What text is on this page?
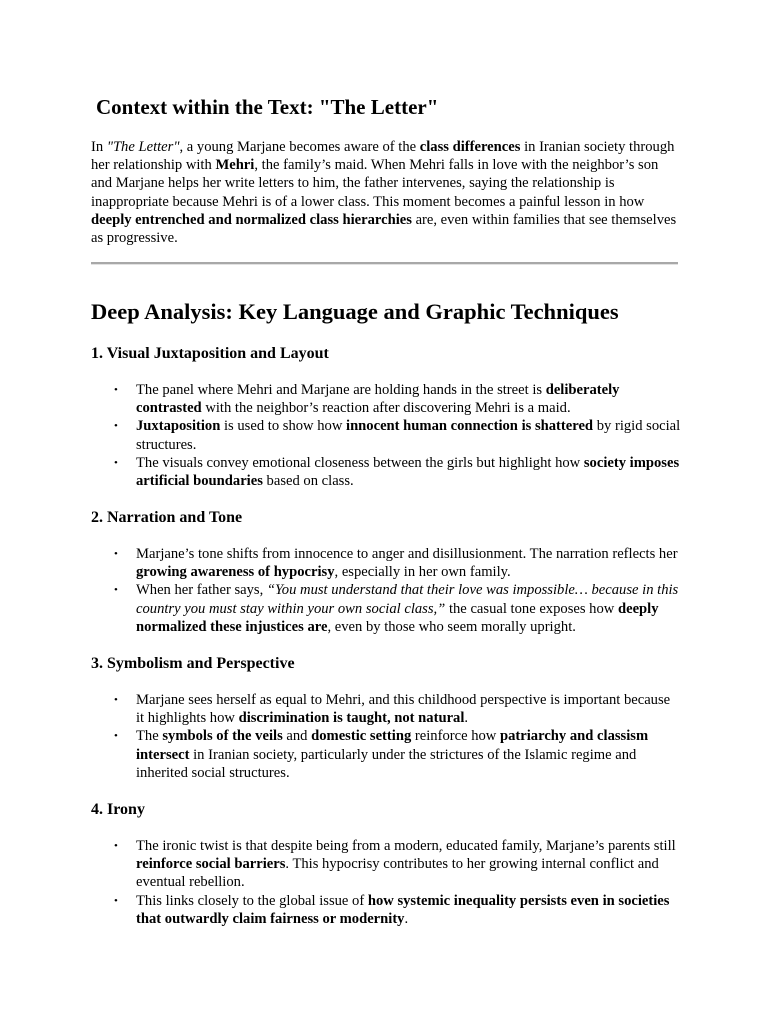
Context within the Text: "The Letter"

In "The Letter", a young Marjane becomes aware of the class differences in Iranian society through her relationship with Mehri, the family’s maid. When Mehri falls in love with the neighbor’s son and Marjane helps her write letters to him, the father intervenes, saying the relationship is inappropriate because Mehri is of a lower class. This moment becomes a painful lesson in how deeply entrenched and normalized class hierarchies are, even within families that see themselves as progressive.

Deep Analysis: Key Language and Graphic Techniques
1. Visual Juxtaposition and Layout
• The panel where Mehri and Marjane are holding hands in the street is deliberately contrasted with the neighbor’s reaction after discovering Mehri is a maid.
• Juxtaposition is used to show how innocent human connection is shattered by rigid social structures.
• The visuals convey emotional closeness between the girls but highlight how society imposes artificial boundaries based on class.
2. Narration and Tone
• Marjane’s tone shifts from innocence to anger and disillusionment. The narration reflects her growing awareness of hypocrisy, especially in her own family.
• When her father says, “You must understand that their love was impossible… because in this country you must stay within your own social class,” the casual tone exposes how deeply normalized these injustices are, even by those who seem morally upright.
3. Symbolism and Perspective
• Marjane sees herself as equal to Mehri, and this childhood perspective is important because it highlights how discrimination is taught, not natural.
• The symbols of the veils and domestic setting reinforce how patriarchy and classism intersect in Iranian society, particularly under the strictures of the Islamic regime and inherited social structures.
4. Irony
• The ironic twist is that despite being from a modern, educated family, Marjane’s parents still reinforce social barriers. This hypocrisy contributes to her growing internal conflict and eventual rebellion.
• This links closely to the global issue of how systemic inequality persists even in societies that outwardly claim fairness or modernity.
